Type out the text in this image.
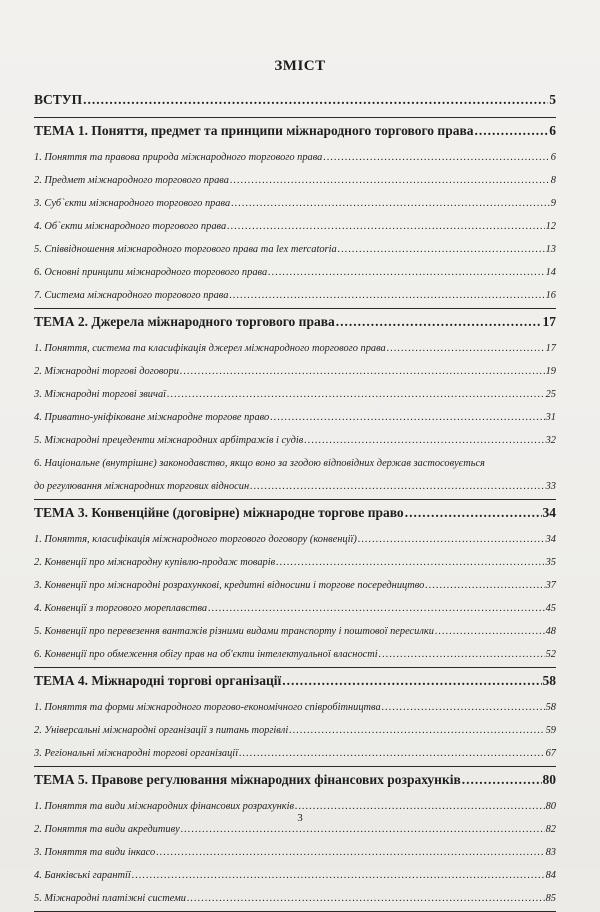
ЗМІСТ
ВСТУП .....	5
ТЕМА 1. Поняття, предмет та принципи міжнародного торгового права .....	6
1. Поняття та правова природа міжнародного торгового права .....	6
2. Предмет міжнародного торгового права .....	8
3. Суб`єкти міжнародного торгового права .....	9
4. Об`єкти міжнародного торгового права .....	12
5. Співвідношення міжнародного торгового права та lex mercatoria .....	13
6. Основні принципи міжнародного торгового права .....	14
7. Система міжнародного торгового права .....	16
ТЕМА 2. Джерела міжнародного торгового права .....	17
1. Поняття, система та класифікація джерел міжнародного торгового права .....	17
2. Міжнародні торгові договори .....	19
3. Міжнародні торгові звичаї .....	25
4. Приватно-уніфіковане міжнародне торгове право .....	31
5. Міжнародні прецеденти міжнародних арбітражів і судів .....	32
6. Національне (внутрішнє) законодавство, якщо воно за згодою відповідних держав застосовується
до регулювання міжнародних торгових відносин .....	33
ТЕМА 3. Конвенційне (договірне) міжнародне торгове право .....	34
1. Поняття, класифікація міжнародного торгового договору (конвенції) .....	34
2. Конвенції про міжнародну купівлю-продаж товарів .....	35
3. Конвенції про міжнародні розрахункові, кредитні відносини і торгове посередництво .....	37
4. Конвенції з торгового мореплавства .....	45
5. Конвенції про перевезення вантажів різними видами транспорту і поштової пересилки .....	48
6. Конвенції про обмеження обігу прав на об'єкти інтелектуальної власності .....	52
ТЕМА 4. Міжнародні торгові організації .....	58
1. Поняття та форми міжнародного торгово-економічного співробітництва .....	58
2. Універсальні міжнародні організації з питань торгівлі .....	59
3. Регіональні міжнародні торгові організації .....	67
ТЕМА 5. Правове регулювання міжнародних фінансових розрахунків .....	80
1. Поняття та види міжнародних фінансових розрахунків .....	80
2. Поняття та види акредитиву .....	82
3. Поняття та види інкасо .....	83
4. Банківські гарантії .....	84
5. Міжнародні платіжні системи .....	85
3
